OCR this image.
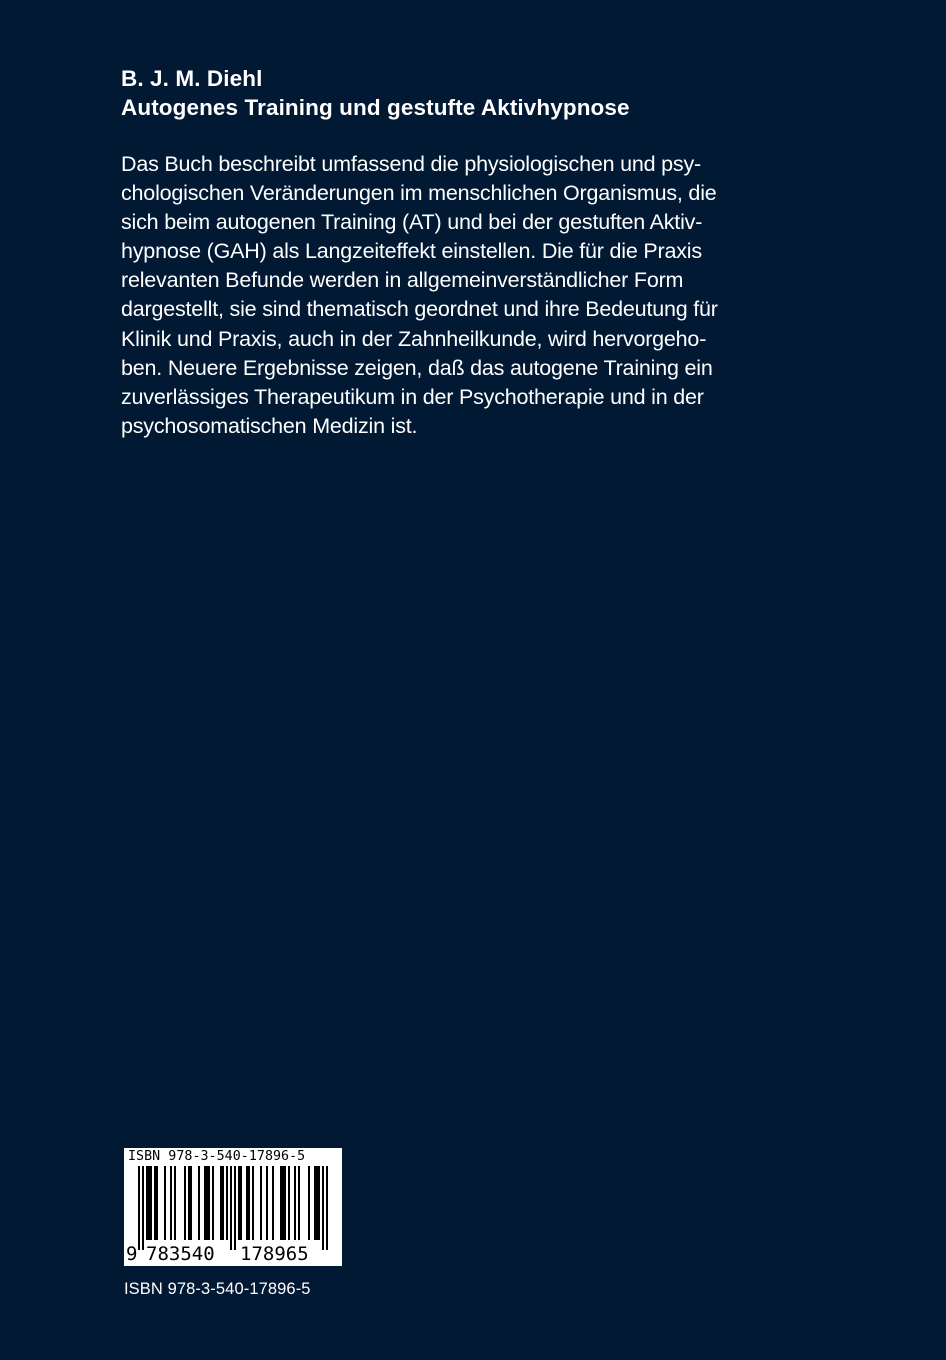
B. J. M. Diehl

Autogenes Training und gestufte Aktivhypnose

Das Buch beschreibt umfassend die physiologischen und psy-
chologischen Veränderungen im menschlichen Organismus, die
sich beim autogenen Training (AT) und bei der gestuften Aktiv-
hypnose (GAH) als Langzeiteffekt einstellen. Die für die Praxis
relevanten Befunde werden in allgemeinverständlicher Form
dargestellt, sie sind thematisch geordnet und ihre Bedeutung für
Klinik und Praxis, auch in der Zahnheilkunde, wird hervorgeho-
ben. Neuere Ergebnisse zeigen, daß das autogene Training ein
zuverlässiges Therapeutikum in der Psychotherapie und in der
psychosomatischen Medizin ist.
ISBN 978-3-540-17896-5
9 783540 178965
ISBN 978-3-540-17896-5
